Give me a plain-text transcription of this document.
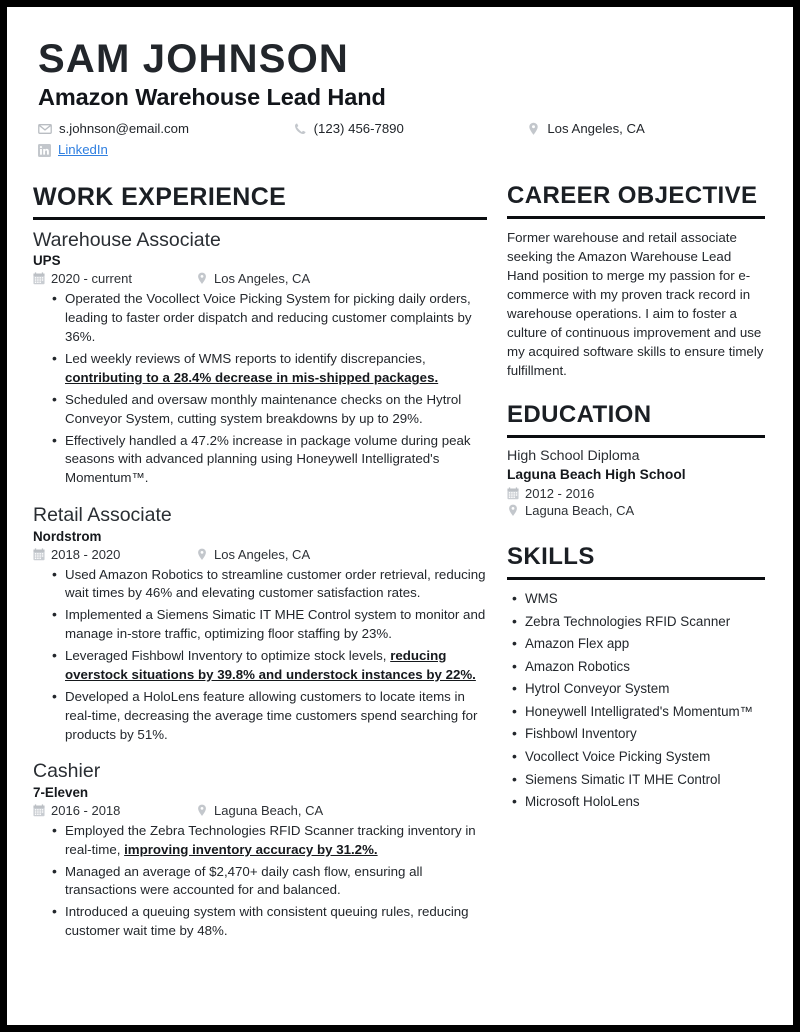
SAM JOHNSON
Amazon Warehouse Lead Hand
s.johnson@email.com	(123) 456-7890	Los Angeles, CA
LinkedIn
WORK EXPERIENCE
Warehouse Associate
UPS
2020 - current	Los Angeles, CA
• Operated the Vocollect Voice Picking System for picking daily orders, leading to faster order dispatch and reducing customer complaints by 36%.
• Led weekly reviews of WMS reports to identify discrepancies, contributing to a 28.4% decrease in mis-shipped packages.
• Scheduled and oversaw monthly maintenance checks on the Hytrol Conveyor System, cutting system breakdowns by up to 29%.
• Effectively handled a 47.2% increase in package volume during peak seasons with advanced planning using Honeywell Intelligrated's Momentum™.
Retail Associate
Nordstrom
2018 - 2020	Los Angeles, CA
• Used Amazon Robotics to streamline customer order retrieval, reducing wait times by 46% and elevating customer satisfaction rates.
• Implemented a Siemens Simatic IT MHE Control system to monitor and manage in-store traffic, optimizing floor staffing by 23%.
• Leveraged Fishbowl Inventory to optimize stock levels, reducing overstock situations by 39.8% and understock instances by 22%.
• Developed a HoloLens feature allowing customers to locate items in real-time, decreasing the average time customers spend searching for products by 51%.
Cashier
7-Eleven
2016 - 2018	Laguna Beach, CA
• Employed the Zebra Technologies RFID Scanner tracking inventory in real-time, improving inventory accuracy by 31.2%.
• Managed an average of $2,470+ daily cash flow, ensuring all transactions were accounted for and balanced.
• Introduced a queuing system with consistent queuing rules, reducing customer wait time by 48%.
CAREER OBJECTIVE
Former warehouse and retail associate seeking the Amazon Warehouse Lead Hand position to merge my passion for e-commerce with my proven track record in warehouse operations. I aim to foster a culture of continuous improvement and use my acquired software skills to ensure timely fulfillment.
EDUCATION
High School Diploma
Laguna Beach High School
2012 - 2016
Laguna Beach, CA
SKILLS
• WMS
• Zebra Technologies RFID Scanner
• Amazon Flex app
• Amazon Robotics
• Hytrol Conveyor System
• Honeywell Intelligrated's Momentum™
• Fishbowl Inventory
• Vocollect Voice Picking System
• Siemens Simatic IT MHE Control
• Microsoft HoloLens
